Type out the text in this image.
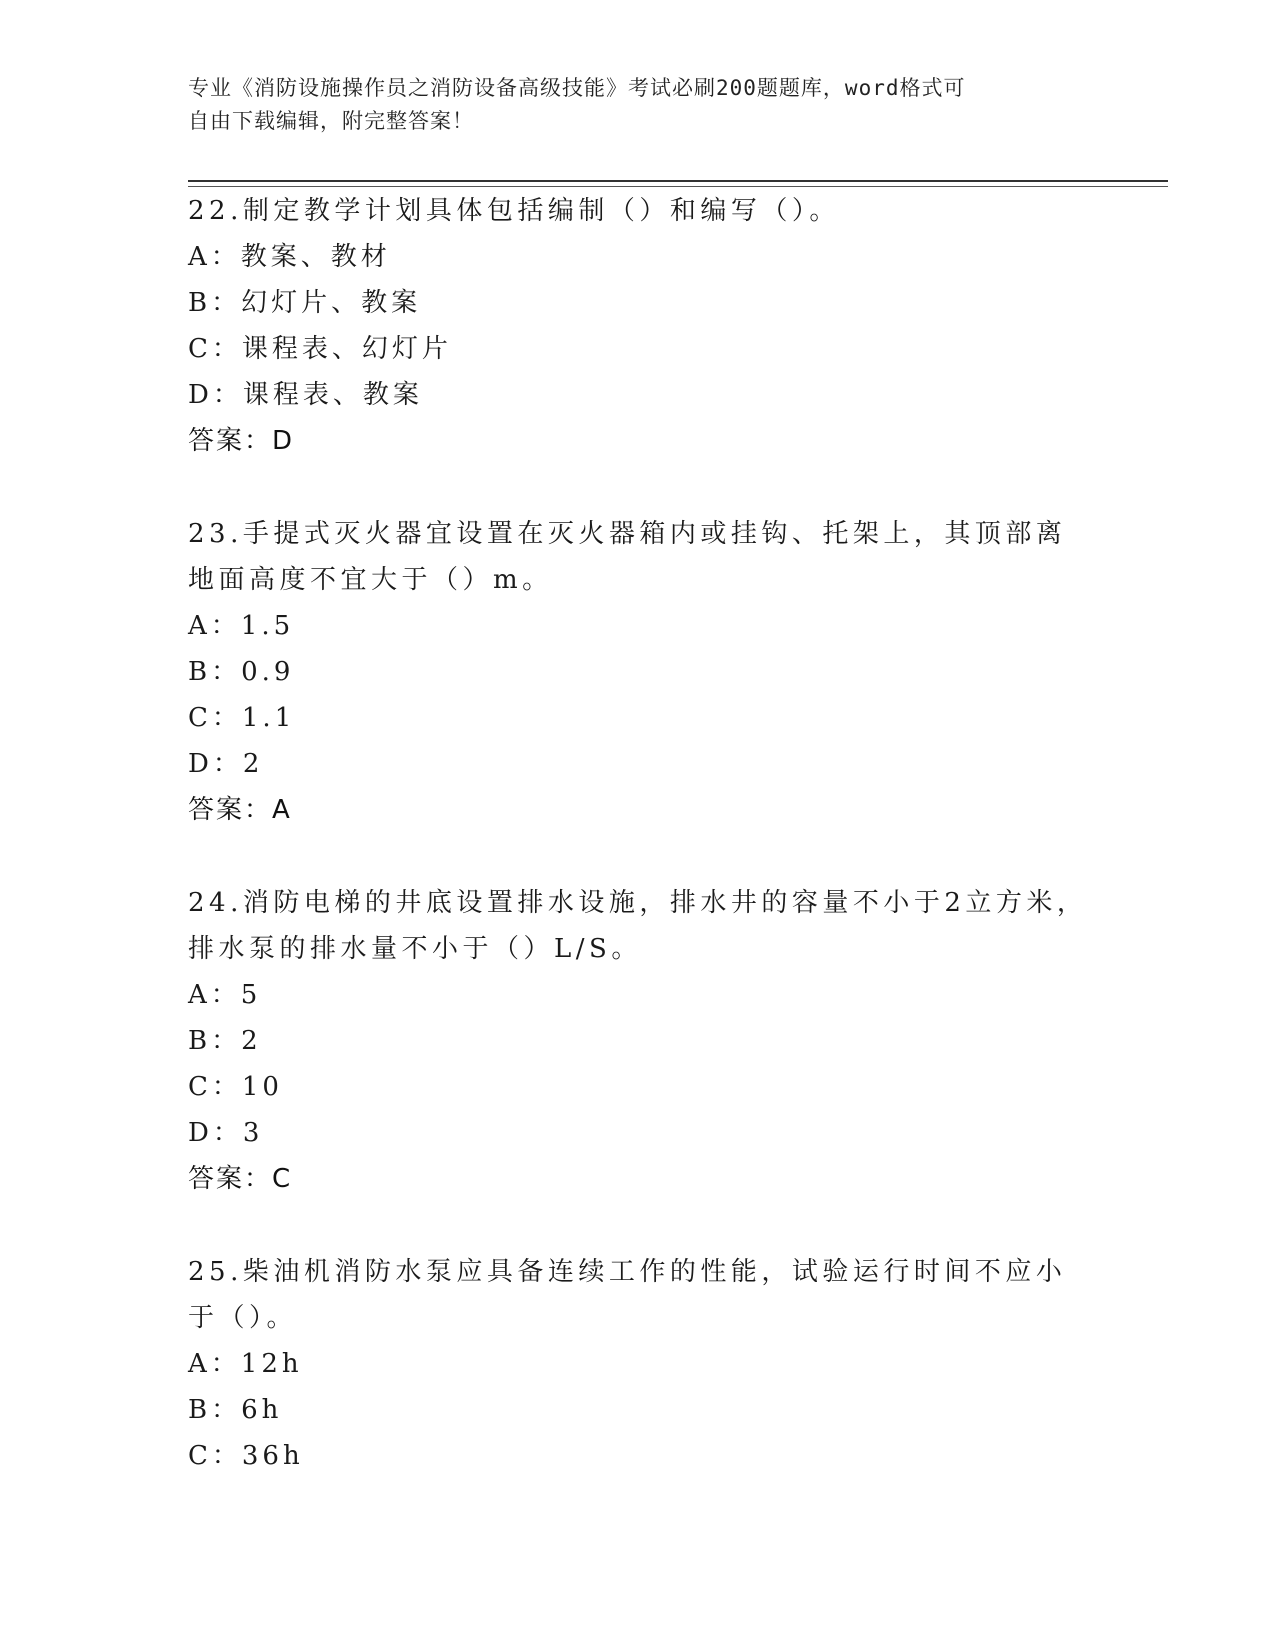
专业《消防设施操作员之消防设备高级技能》考试必刷200题题库，word格式可
自由下载编辑，附完整答案！
22.制定教学计划具体包括编制（）和编写（）。
A：教案、教材
B：幻灯片、教案
C：课程表、幻灯片
D：课程表、教案
答案：D
23.手提式灭火器宜设置在灭火器箱内或挂钩、托架上，其顶部离地面高度不宜大于（）m。
A：1.5
B：0.9
C：1.1
D：2
答案：A
24.消防电梯的井底设置排水设施，排水井的容量不小于2立方米，排水泵的排水量不小于（）L/S。
A：5
B：2
C：10
D：3
答案：C
25.柴油机消防水泵应具备连续工作的性能，试验运行时间不应小于（）。
A：12h
B：6h
C：36h
